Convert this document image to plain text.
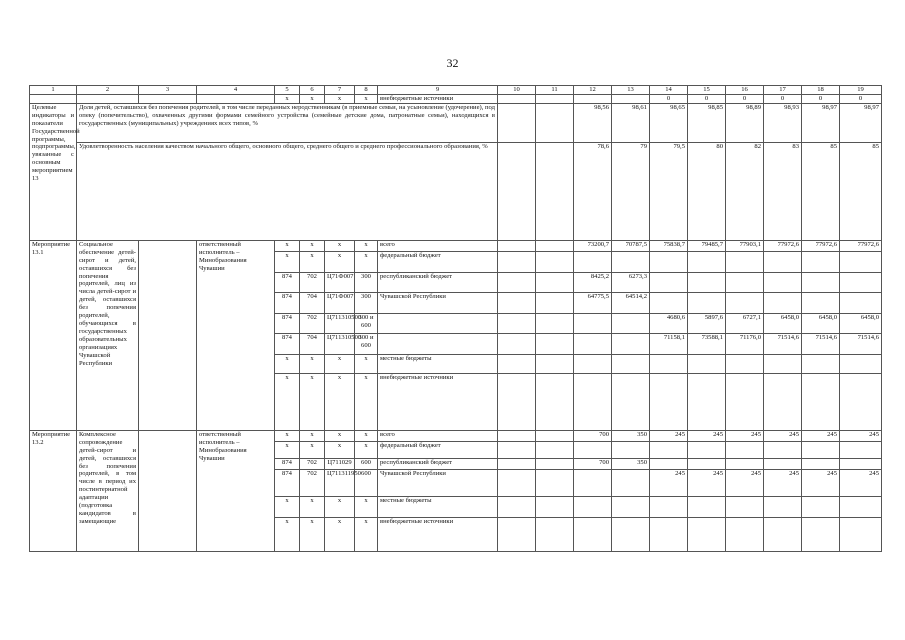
32
1	2	3	4	5	6	7	8	9	10	11	12	13	14	15	16	17	18	19
				x	x	x	x	внебюджетные источники					0	0	0	0	0	0
Целевые индикаторы и показатели Государственной программы, подпрограммы, увязанные с основным мероприятием 13	Доля детей, оставшихся без попечения родителей, в том числе переданных неродственникам (в приемные семьи, на усыновление (удочерение), под опеку (попечительство), охваченных другими формами семейного устройства (семейные детские дома, патронатные семьи), находящихся в государственных (муниципальных) учреждениях всех типов, %										98,56	98,61	98,65	98,85	98,89	98,93	98,97	98,97
	Удовлетворенность населения качеством начального общего, основного общего, среднего общего и среднего профессионального образования, %										78,6	79	79,5	80	82	83	85	85
Мероприятие 13.1	Социальное обеспечение детей-сирот и детей, оставшихся без попечения родителей, лиц из числа детей-сирот и детей, оставшихся без попечения родителей, обучающихся в государственных образовательных организациях Чувашской Республики		ответственный исполнитель – Минобразования Чувашии	x	x	x	x	всего			73200,7	70787,5	75838,7	79485,7	77903,1	77972,6	77972,6	77972,6
				x	x	x	x	федеральный бюджет										
				874	702	Ц71Ф007	300	республиканский бюджет			8425,2	6273,3						
				874	704	Ц71Ф007	300	Чувашской Республики			64775,5	64514,2						
				874	702	Ц711310500	300 и 600						4680,6	5897,6	6727,1	6458,0	6458,0	6458,0
				874	704	Ц711310500	300 и 600						71158,1	73588,1	71176,0	71514,6	71514,6	71514,6
				x	x	x	x	местные бюджеты										
				x	x	x	x	внебюджетные источники										
Мероприятие 13.2	Комплексное сопровождение детей-сирот и детей, оставшихся без попечения родителей, в том числе в период их постинтернатной адаптации (подготовка кандидатов в замещающие		ответственный исполнитель – Минобразования Чувашии	x	x	x	x	всего			700	350	245	245	245	245	245	245
				x	x	x	x	федеральный бюджет										
				874	702	Ц711029	600	республиканский бюджет			700	350						
				874	702	Ц711311950	600	Чувашской Республики					245	245	245	245	245	245
				x	x	x	x	местные бюджеты										
				x	x	x	x	внебюджетные источники										
